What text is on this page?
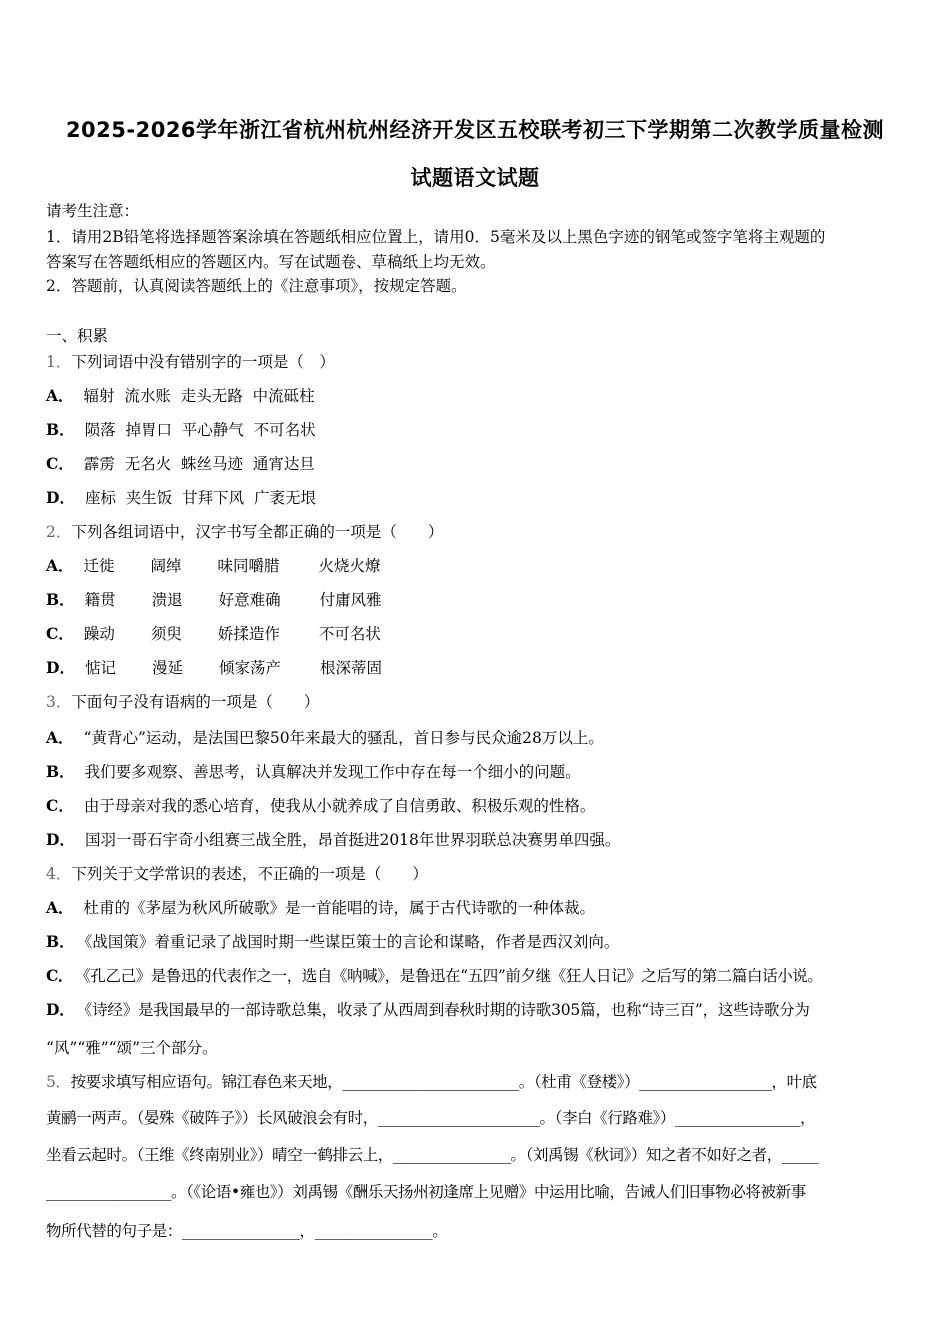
2025-2026学年浙江省杭州杭州经济开发区五校联考初三下学期第二次教学质量检测
试题语文试题
请考生注意：
1．请用2B铅笔将选择题答案涂填在答题纸相应位置上，请用0．5毫米及以上黑色字迹的钢笔或签字笔将主观题的
答案写在答题纸相应的答题区内。写在试题卷、草稿纸上均无效。
2．答题前，认真阅读答题纸上的《注意事项》，按规定答题。
一、积累
1．下列词语中没有错别字的一项是（　）
A． 辐射  流水账  走头无路  中流砥柱
B． 陨落  掉胃口  平心静气  不可名状
C． 霹雳  无名火  蛛丝马迹  通宵达旦
D． 座标  夹生饭  甘拜下风  广袤无垠
2．下列各组词语中，汉字书写全都正确的一项是（　　）
A． 迁徙 阔绰 味同嚼腊	火烧火燎
B． 籍贯 溃退 好意难确	付庸风雅
C． 躁动 须臾 娇揉造作	不可名状
D． 惦记 漫延 倾家荡产	根深蒂固
3．下面句子没有语病的一项是（　　）
A． “黄背心”运动，是法国巴黎50年来最大的骚乱，首日参与民众逾28万以上。
B． 我们要多观察、善思考，认真解决并发现工作中存在每一个细小的问题。
C． 由于母亲对我的悉心培育，使我从小就养成了自信勇敢、积极乐观的性格。
D． 国羽一哥石宇奇小组赛三战全胜，昂首挺进2018年世界羽联总决赛男单四强。
4．下列关于文学常识的表述，不正确的一项是（　　）
A． 杜甫的《茅屋为秋风所破歌》是一首能唱的诗，属于古代诗歌的一种体裁。
B． 《战国策》着重记录了战国时期一些谋臣策士的言论和谋略，作者是西汉刘向。
C． 《孔乙己》是鲁迅的代表作之一，选自《呐喊》，是鲁迅在“五四”前夕继《狂人日记》之后写的第二篇白话小说。
D． 《诗经》是我国最早的一部诗歌总集，收录了从西周到春秋时期的诗歌305篇，也称“诗三百”，这些诗歌分为
“风”“雅”“颂”三个部分。
5．按要求填写相应语句。锦江春色来天地，________________________。（杜甫《登楼》）__________________，叶底
黄鹂一两声。（晏殊《破阵子》）长风破浪会有时，______________________。（李白《行路难》）_________________，
坐看云起时。（王维《终南别业》）晴空一鹤排云上，________________。（刘禹锡《秋词》）知之者不如好之者，_____
_________________。（《论语•雍也》）刘禹锡《酬乐天扬州初逢席上见赠》中运用比喻，告诫人们旧事物必将被新事
物所代替的句子是：________________，________________。
